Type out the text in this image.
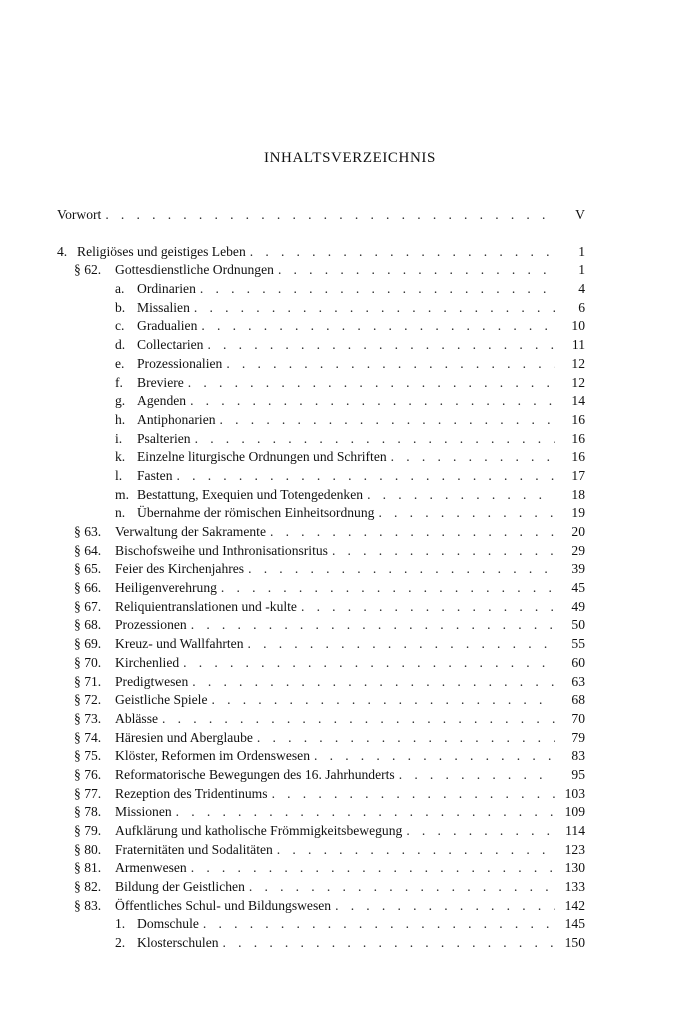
INHALTSVERZEICHNIS
Vorwort . . .	V
4. Religiöses und geistiges Leben . . .	1
§ 62.	Gottesdienstliche Ordnungen . . .	1
a. Ordinarien . . .	4
b. Missalien . . .	6
c. Gradualien . . .	10
d. Collectarien . . .	11
e. Prozessionalien . . .	12
f.	Breviere . . .	12
g. Agenden . . .	14
h. Antiphonarien . . .	16
i.	Psalterien . . .	16
k. Einzelne liturgische Ordnungen und Schriften . . .	16
l.	Fasten . . .	17
m. Bestattung, Exequien und Totengedenken . . .	18
n. Übernahme der römischen Einheitsordnung . . .	19
§ 63.	Verwaltung der Sakramente . . .	20
§ 64.	Bischofsweihe und Inthronisationsritus . . .	29
§ 65.	Feier des Kirchenjahres . . .	39
§ 66.	Heiligenverehrung . . .	45
§ 67.	Reliquientranslationen und -kulte . . .	49
§ 68.	Prozessionen . . .	50
§ 69.	Kreuz- und Wallfahrten . . .	55
§ 70.	Kirchenlied . . .	60
§ 71.	Predigtwesen . . .	63
§ 72.	Geistliche Spiele . . .	68
§ 73.	Ablässe . . .	70
§ 74.	Häresien und Aberglaube . . .	79
§ 75.	Klöster, Reformen im Ordenswesen . . .	83
§ 76.	Reformatorische Bewegungen des 16. Jahrhunderts . . .	95
§ 77.	Rezeption des Tridentinums . . .	103
§ 78.	Missionen . . .	109
§ 79.	Aufklärung und katholische Frömmigkeitsbewegung . . .	114
§ 80.	Fraternitäten und Sodalitäten . . .	123
§ 81.	Armenwesen . . .	130
§ 82.	Bildung der Geistlichen . . .	133
§ 83.	Öffentliches Schul- und Bildungswesen . . .	142
1. Domschule . . .	145
2. Klosterschulen . . .	150
